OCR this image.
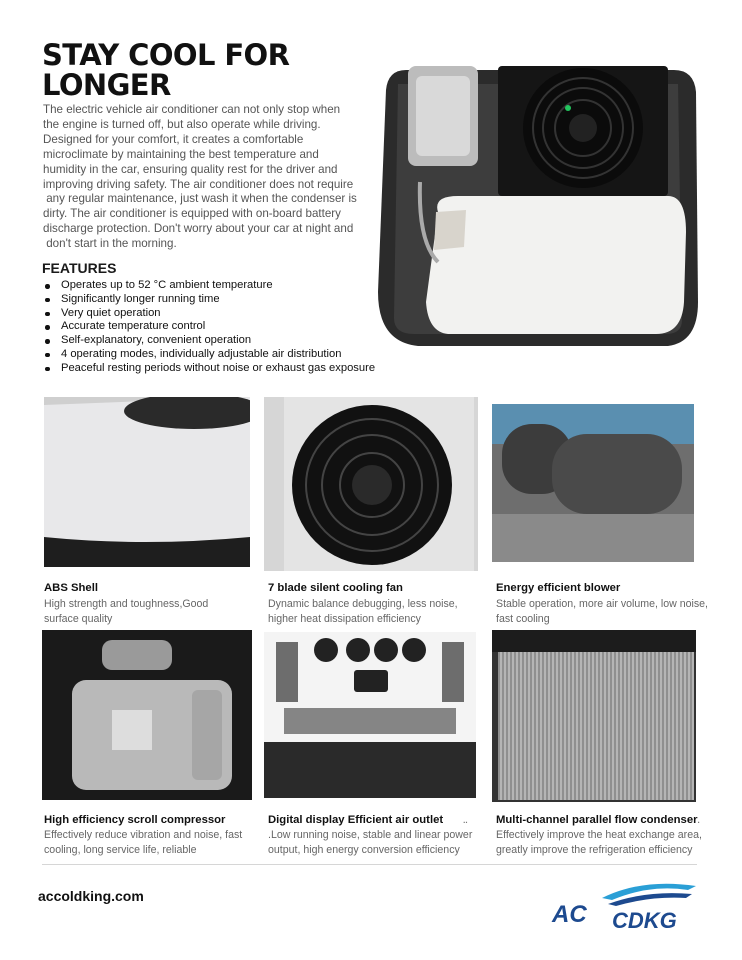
STAY COOL FOR
LONGER
The electric vehicle air conditioner can not only stop when
the engine is turned off, but also operate while driving.
Designed for your comfort, it creates a comfortable
microclimate by maintaining the best temperature and
humidity in the car, ensuring quality rest for the driver and
improving driving safety. The air conditioner does not require
any regular maintenance, just wash it when the condenser is
dirty. The air conditioner is equipped with on-board battery
discharge protection. Don't worry about your car at night and
don't start in the morning.
FEATURES
Operates up to 52 °C ambient temperature
Significantly longer running time
Very quiet operation
Accurate temperature control
Self-explanatory, convenient operation
4 operating modes, individually adjustable air distribution
Peaceful resting periods without noise or exhaust gas exposure
ABS Shell
High strength and toughness,Good
surface quality
7 blade silent cooling fan
Dynamic balance debugging, less noise,
higher heat dissipation efficiency
Energy efficient blower
Stable operation, more air volume, low noise,
fast cooling
High efficiency scroll compressor
Effectively reduce vibration and noise, fast
cooling, long service life, reliable
Digital display Efficient air outlet	..
.Low running noise, stable and linear power
output, high energy conversion efficiency
Multi-channel parallel flow condenser.
Effectively improve the heat exchange area,
greatly improve the refrigeration efficiency
accoldking.com
AC CDKG
